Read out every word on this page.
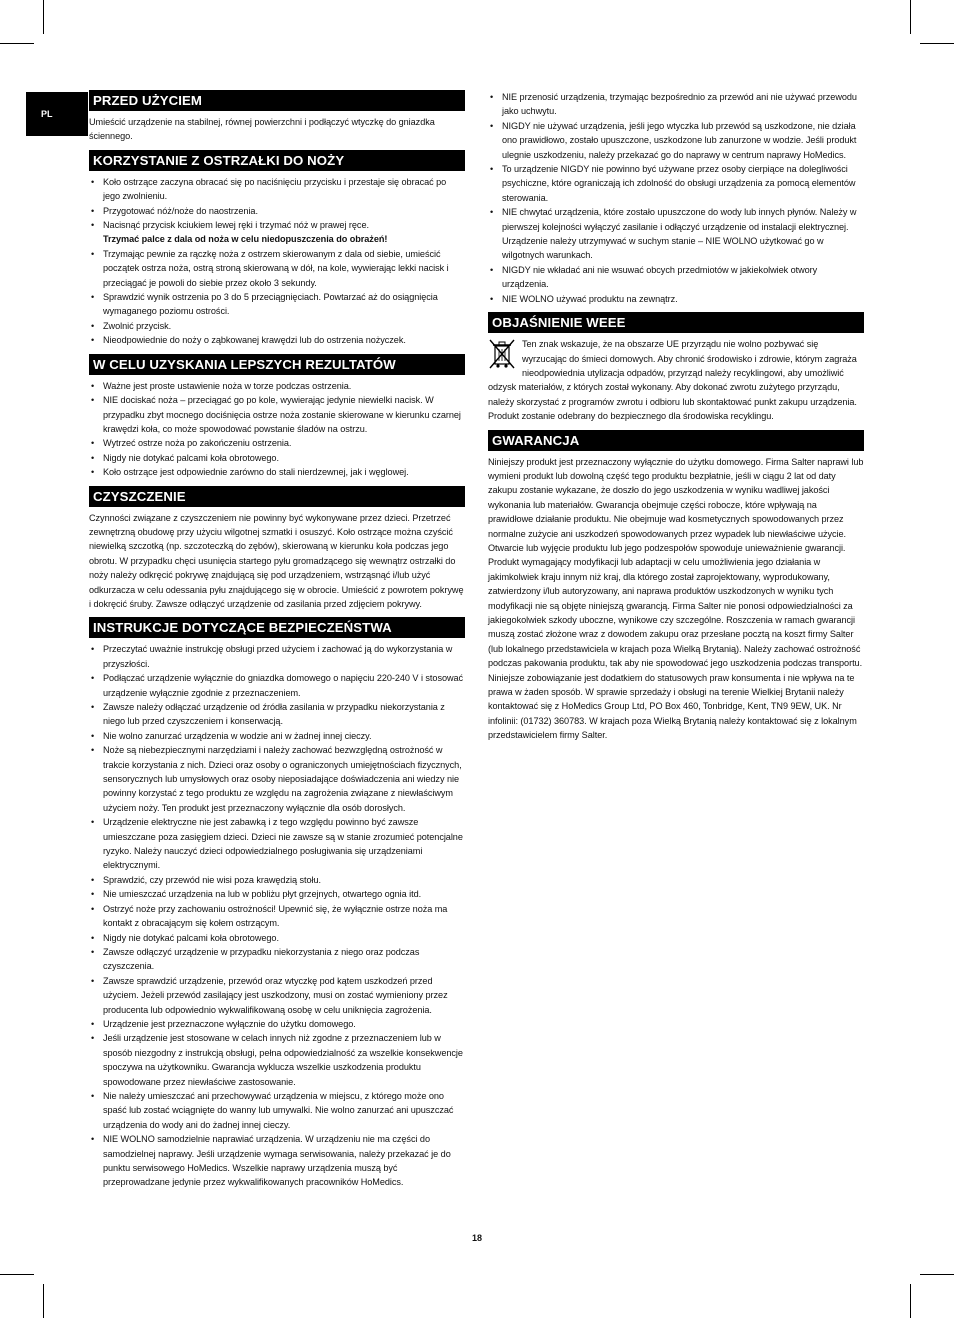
PL
PRZED UŻYCIEM

Umieścić urządzenie na stabilnej, równej powierzchni i podłączyć wtyczkę do gniazdka ściennego.

KORZYSTANIE Z OSTRZAŁKI DO NOŻY
• Koło ostrzące zaczyna obracać się po naciśnięciu przycisku i przestaje się obracać po jego zwolnieniu.
• Przygotować nóż/noże do naostrzenia.
• Nacisnąć przycisk kciukiem lewej ręki i trzymać nóż w prawej ręce.
Trzymać palce z dala od noża w celu niedopuszczenia do obrażeń!
• Trzymając pewnie za rączkę noża z ostrzem skierowanym z dala od siebie, umieścić początek ostrza noża, ostrą stroną skierowaną w dół, na kole, wywierając lekki nacisk i przeciągać je powoli do siebie przez około 3 sekundy.
• Sprawdzić wynik ostrzenia po 3 do 5 przeciągnięciach. Powtarzać aż do osiągnięcia wymaganego poziomu ostrości.
• Zwolnić przycisk.
• Nieodpowiednie do noży o ząbkowanej krawędzi lub do ostrzenia nożyczek.
W CELU UZYSKANIA LEPSZYCH REZULTATÓW
• Ważne jest proste ustawienie noża w torze podczas ostrzenia.
• NIE dociskać noża – przeciągać go po kole, wywierając jedynie niewielki nacisk. W przypadku zbyt mocnego dociśnięcia ostrze noża zostanie skierowane w kierunku czarnej krawędzi koła, co może spowodować powstanie śladów na ostrzu.
• Wytrzeć ostrze noża po zakończeniu ostrzenia.
• Nigdy nie dotykać palcami koła obrotowego.
• Koło ostrzące jest odpowiednie zarówno do stali nierdzewnej, jak i węglowej.
CZYSZCZENIE

Czynności związane z czyszczeniem nie powinny być wykonywane przez dzieci. Przetrzeć zewnętrzną obudowę przy użyciu wilgotnej szmatki i osuszyć. Koło ostrzące można czyścić niewielką szczotką (np. szczoteczką do zębów), skierowaną w kierunku koła podczas jego obrotu. W przypadku chęci usunięcia startego pyłu gromadzącego się wewnątrz ostrzałki do noży należy odkręcić pokrywę znajdującą się pod urządzeniem, wstrząsnąć i/lub użyć odkurzacza w celu odessania pyłu znajdującego się w obrocie. Umieścić z powrotem pokrywę i dokręcić śruby. Zawsze odłączyć urządzenie od zasilania przed zdjęciem pokrywy.

INSTRUKCJE DOTYCZĄCE BEZPIECZEŃSTWA
• Przeczytać uważnie instrukcję obsługi przed użyciem i zachować ją do wykorzystania w przyszłości.
• Podłączać urządzenie wyłącznie do gniazdka domowego o napięciu 220-240 V i stosować urządzenie wyłącznie zgodnie z przeznaczeniem.
• Zawsze należy odłączać urządzenie od źródła zasilania w przypadku niekorzystania z niego lub przed czyszczeniem i konserwacją.
• Nie wolno zanurzać urządzenia w wodzie ani w żadnej innej cieczy.
• Noże są niebezpiecznymi narzędziami i należy zachować bezwzględną ostrożność w trakcie korzystania z nich. Dzieci oraz osoby o ograniczonych umiejętnościach fizycznych, sensorycznych lub umysłowych oraz osoby nieposiadające doświadczenia ani wiedzy nie powinny korzystać z tego produktu ze względu na zagrożenia związane z niewłaściwym użyciem noży. Ten produkt jest przeznaczony wyłącznie dla osób dorosłych.
• Urządzenie elektryczne nie jest zabawką i z tego względu powinno być zawsze umieszczane poza zasięgiem dzieci. Dzieci nie zawsze są w stanie zrozumieć potencjalne ryzyko. Należy nauczyć dzieci odpowiedzialnego posługiwania się urządzeniami elektrycznymi.
• Sprawdzić, czy przewód nie wisi poza krawędzią stołu.
• Nie umieszczać urządzenia na lub w pobliżu płyt grzejnych, otwartego ognia itd.
• Ostrzyć noże przy zachowaniu ostrożności! Upewnić się, że wyłącznie ostrze noża ma kontakt z obracającym się kołem ostrzącym.
• Nigdy nie dotykać palcami koła obrotowego.
• Zawsze odłączyć urządzenie w przypadku niekorzystania z niego oraz podczas czyszczenia.
• Zawsze sprawdzić urządzenie, przewód oraz wtyczkę pod kątem uszkodzeń przed użyciem. Jeżeli przewód zasilający jest uszkodzony, musi on zostać wymieniony przez producenta lub odpowiednio wykwalifikowaną osobę w celu uniknięcia zagrożenia.
• Urządzenie jest przeznaczone wyłącznie do użytku domowego.
• Jeśli urządzenie jest stosowane w celach innych niż zgodne z przeznaczeniem lub w sposób niezgodny z instrukcją obsługi, pełna odpowiedzialność za wszelkie konsekwencje spoczywa na użytkowniku. Gwarancja wyklucza wszelkie uszkodzenia produktu spowodowane przez niewłaściwe zastosowanie.
• Nie należy umieszczać ani przechowywać urządzenia w miejscu, z którego może ono spaść lub zostać wciągnięte do wanny lub umywalki. Nie wolno zanurzać ani upuszczać urządzenia do wody ani do żadnej innej cieczy.
• NIE WOLNO samodzielnie naprawiać urządzenia. W urządzeniu nie ma części do samodzielnej naprawy. Jeśli urządzenie wymaga serwisowania, należy przekazać je do punktu serwisowego HoMedics. Wszelkie naprawy urządzenia muszą być przeprowadzane jedynie przez wykwalifikowanych pracowników HoMedics.
• NIE przenosić urządzenia, trzymając bezpośrednio za przewód ani nie używać przewodu jako uchwytu.
• NIGDY nie używać urządzenia, jeśli jego wtyczka lub przewód są uszkodzone, nie działa ono prawidłowo, zostało upuszczone, uszkodzone lub zanurzone w wodzie. Jeśli produkt ulegnie uszkodzeniu, należy przekazać go do naprawy w centrum naprawy HoMedics.
• To urządzenie NIGDY nie powinno być używane przez osoby cierpiące na dolegliwości psychiczne, które ograniczają ich zdolność do obsługi urządzenia za pomocą elementów sterowania.
• NIE chwytać urządzenia, które zostało upuszczone do wody lub innych płynów. Należy w pierwszej kolejności wyłączyć zasilanie i odłączyć urządzenie od instalacji elektrycznej. Urządzenie należy utrzymywać w suchym stanie – NIE WOLNO użytkować go w wilgotnych warunkach.
• NIGDY nie wkładać ani nie wsuwać obcych przedmiotów w jakiekolwiek otwory urządzenia.
• NIE WOLNO używać produktu na zewnątrz.
OBJAŚNIENIE WEEE
Ten znak wskazuje, że na obszarze UE przyrządu nie wolno pozbywać się wyrzucając do śmieci domowych. Aby chronić środowisko i zdrowie, którym zagraża nieodpowiednia utylizacja odpadów, przyrząd należy recyklingowi, aby umożliwić odzysk materiałów, z których został wykonany. Aby dokonać zwrotu zużytego przyrządu, należy skorzystać z programów zwrotu i odbioru lub skontaktować punkt zakupu urządzenia. Produkt zostanie odebrany do bezpiecznego dla środowiska recyklingu.
GWARANCJA

Niniejszy produkt jest przeznaczony wyłącznie do użytku domowego. Firma Salter naprawi lub wymieni produkt lub dowolną część tego produktu bezpłatnie, jeśli w ciągu 2 lat od daty zakupu zostanie wykazane, że doszło do jego uszkodzenia w wyniku wadliwej jakości wykonania lub materiałów. Gwarancja obejmuje części robocze, które wpływają na prawidłowe działanie produktu. Nie obejmuje wad kosmetycznych spowodowanych przez normalne zużycie ani uszkodzeń spowodowanych przez wypadek lub niewłaściwe użycie. Otwarcie lub wyjęcie produktu lub jego podzespołów spowoduje unieważnienie gwarancji. Produkt wymagający modyfikacji lub adaptacji w celu umożliwienia jego działania w jakimkolwiek kraju innym niż kraj, dla którego został zaprojektowany, wyprodukowany, zatwierdzony i/lub autoryzowany, ani naprawa produktów uszkodzonych w wyniku tych modyfikacji nie są objęte niniejszą gwarancją. Firma Salter nie ponosi odpowiedzialności za jakiegokolwiek szkody uboczne, wynikowe czy szczególne. Roszczenia w ramach gwarancji muszą zostać złożone wraz z dowodem zakupu oraz przesłane pocztą na koszt firmy Salter (lub lokalnego przedstawiciela w krajach poza Wielką Brytanią). Należy zachować ostrożność podczas pakowania produktu, tak aby nie spowodować jego uszkodzenia podczas transportu. Niniejsze zobowiązanie jest dodatkiem do statusowych praw konsumenta i nie wpływa na te prawa w żaden sposób. W sprawie sprzedaży i obsługi na terenie Wielkiej Brytanii należy kontaktować się z HoMedics Group Ltd, PO Box 460, Tonbridge, Kent, TN9 9EW, UK. Nr infolinii: (01732) 360783. W krajach poza Wielką Brytanią należy kontaktować się z lokalnym przedstawicielem firmy Salter.

18
